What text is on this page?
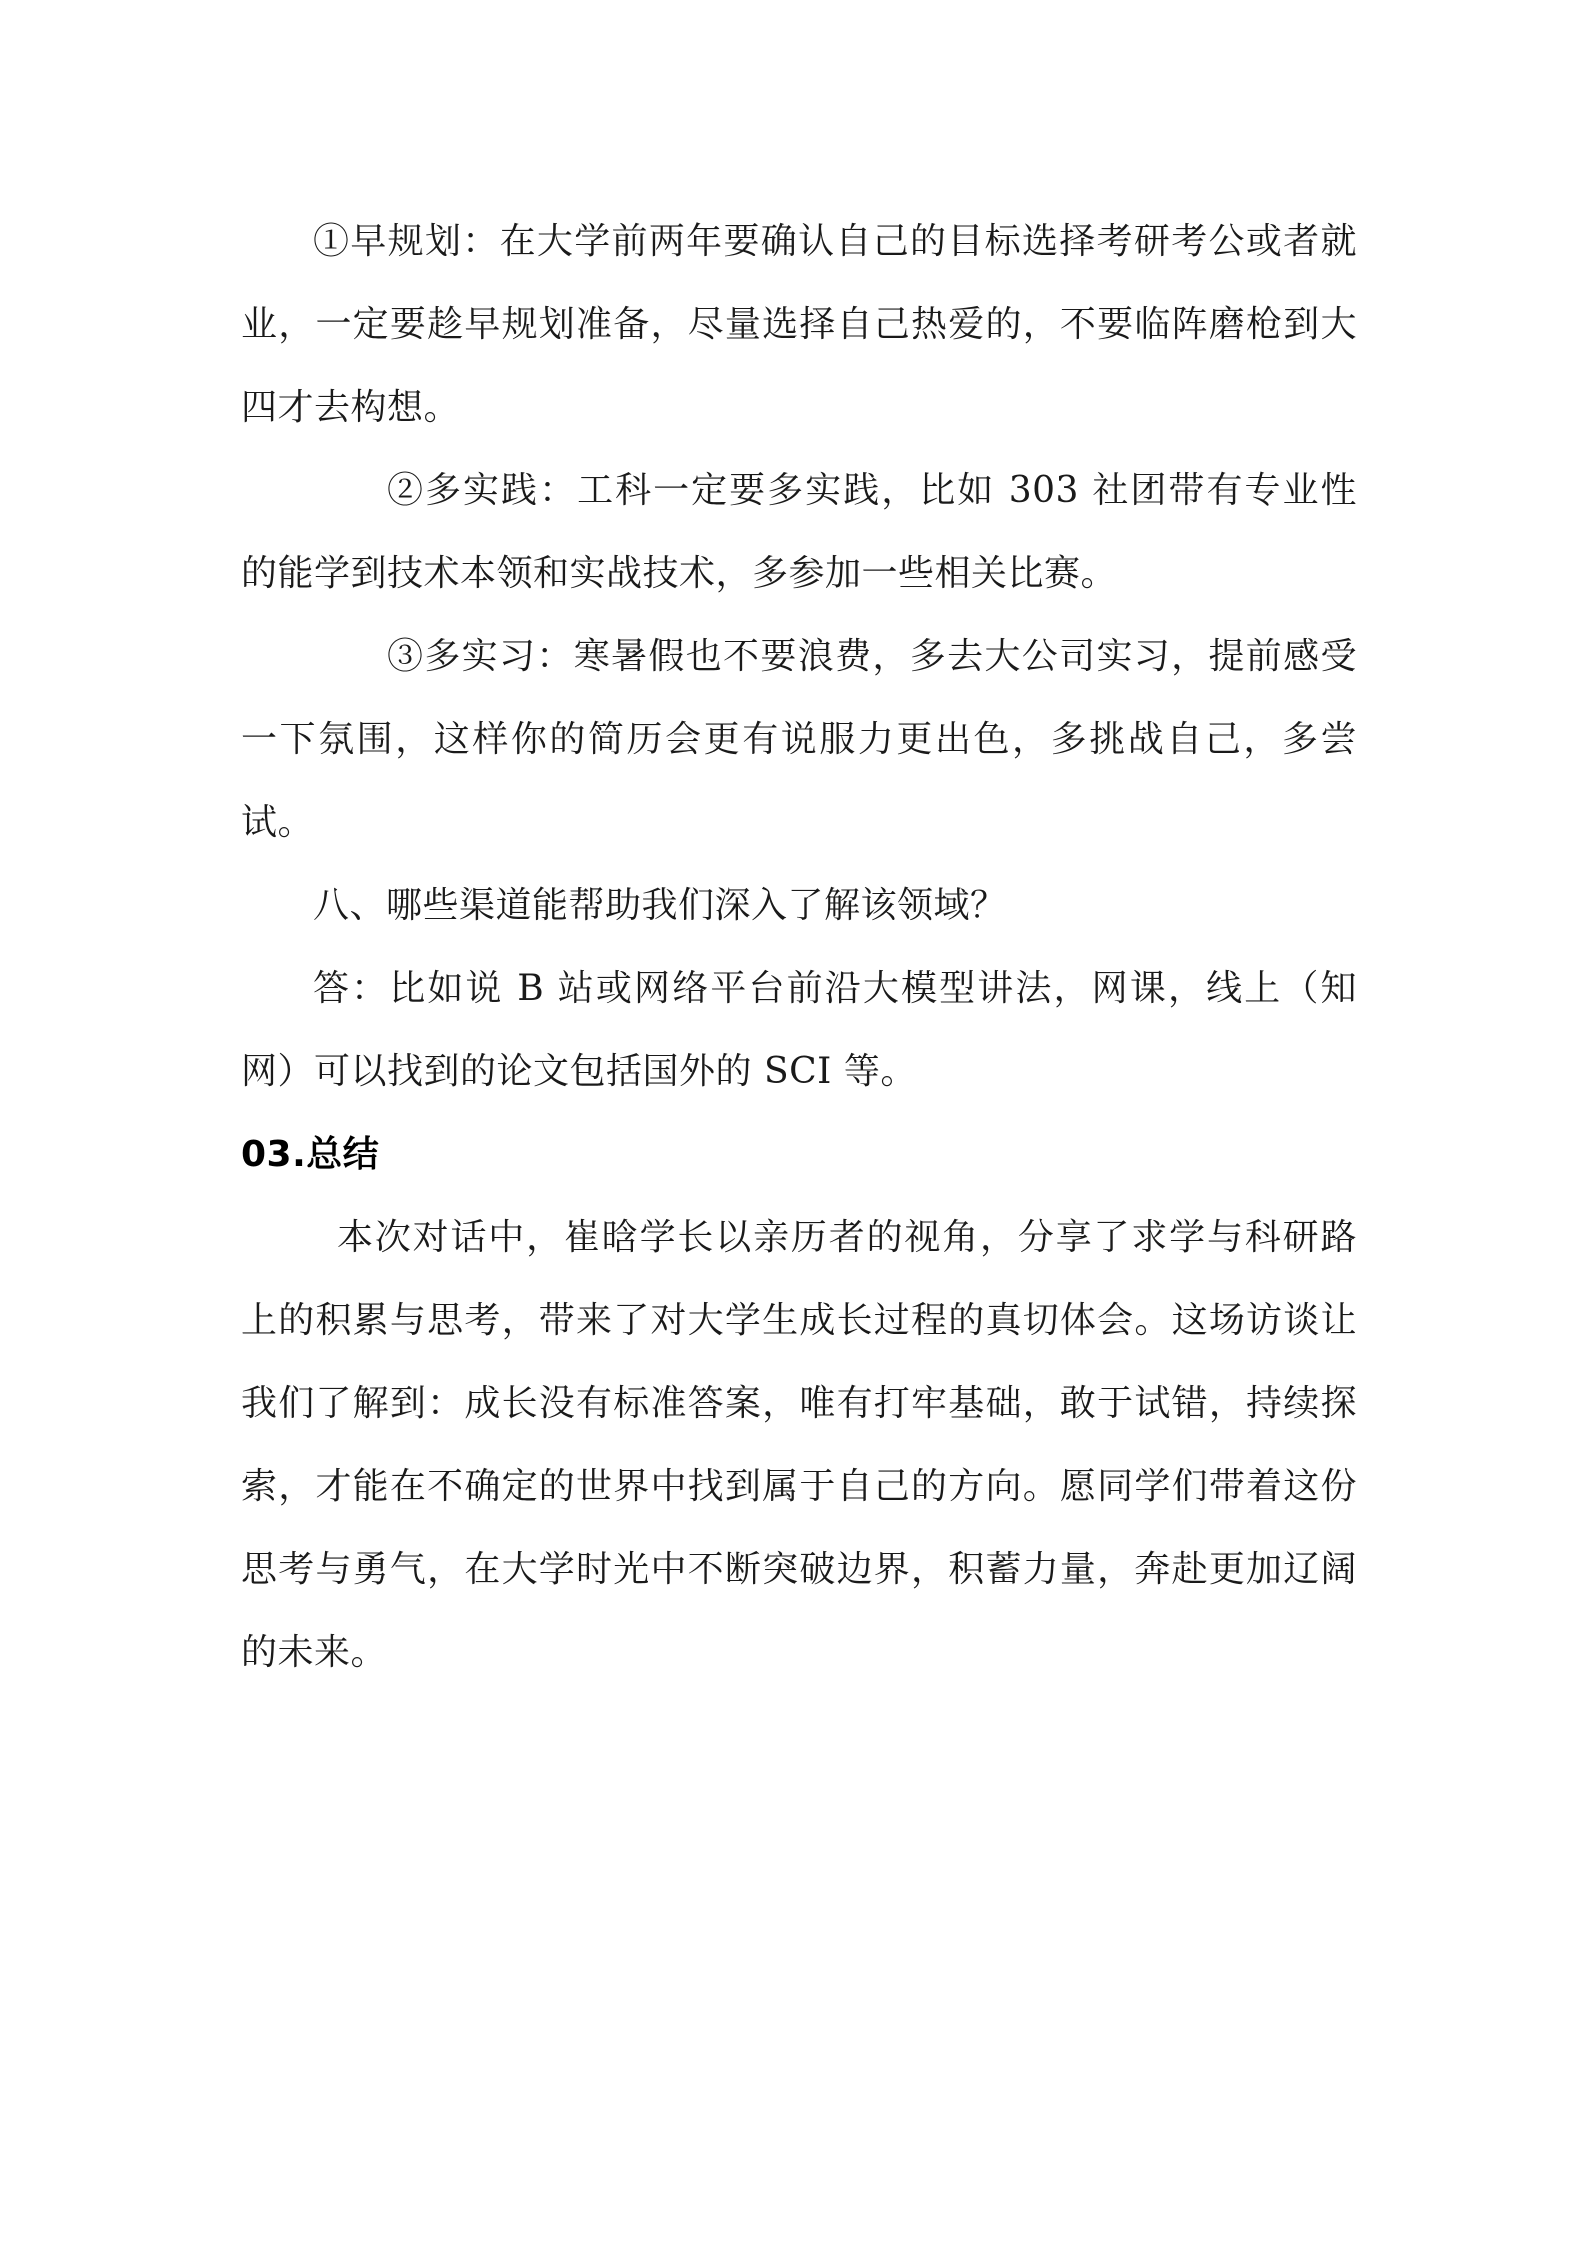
①早规划：在大学前两年要确认自己的目标选择考研考公或者就业，一定要趁早规划准备，尽量选择自己热爱的，不要临阵磨枪到大四才去构想。

②多实践：工科一定要多实践，比如 303 社团带有专业性的能学到技术本领和实战技术，多参加一些相关比赛。

③多实习：寒暑假也不要浪费，多去大公司实习，提前感受一下氛围，这样你的简历会更有说服力更出色，多挑战自己，多尝试。

八、哪些渠道能帮助我们深入了解该领域？

答：比如说 B 站或网络平台前沿大模型讲法，网课，线上（知网）可以找到的论文包括国外的 SCI 等。

03.总结

本次对话中，崔晗学长以亲历者的视角，分享了求学与科研路上的积累与思考，带来了对大学生成长过程的真切体会。这场访谈让我们了解到：成长没有标准答案，唯有打牢基础，敢于试错，持续探索，才能在不确定的世界中找到属于自己的方向。愿同学们带着这份思考与勇气，在大学时光中不断突破边界，积蓄力量，奔赴更加辽阔的未来。
